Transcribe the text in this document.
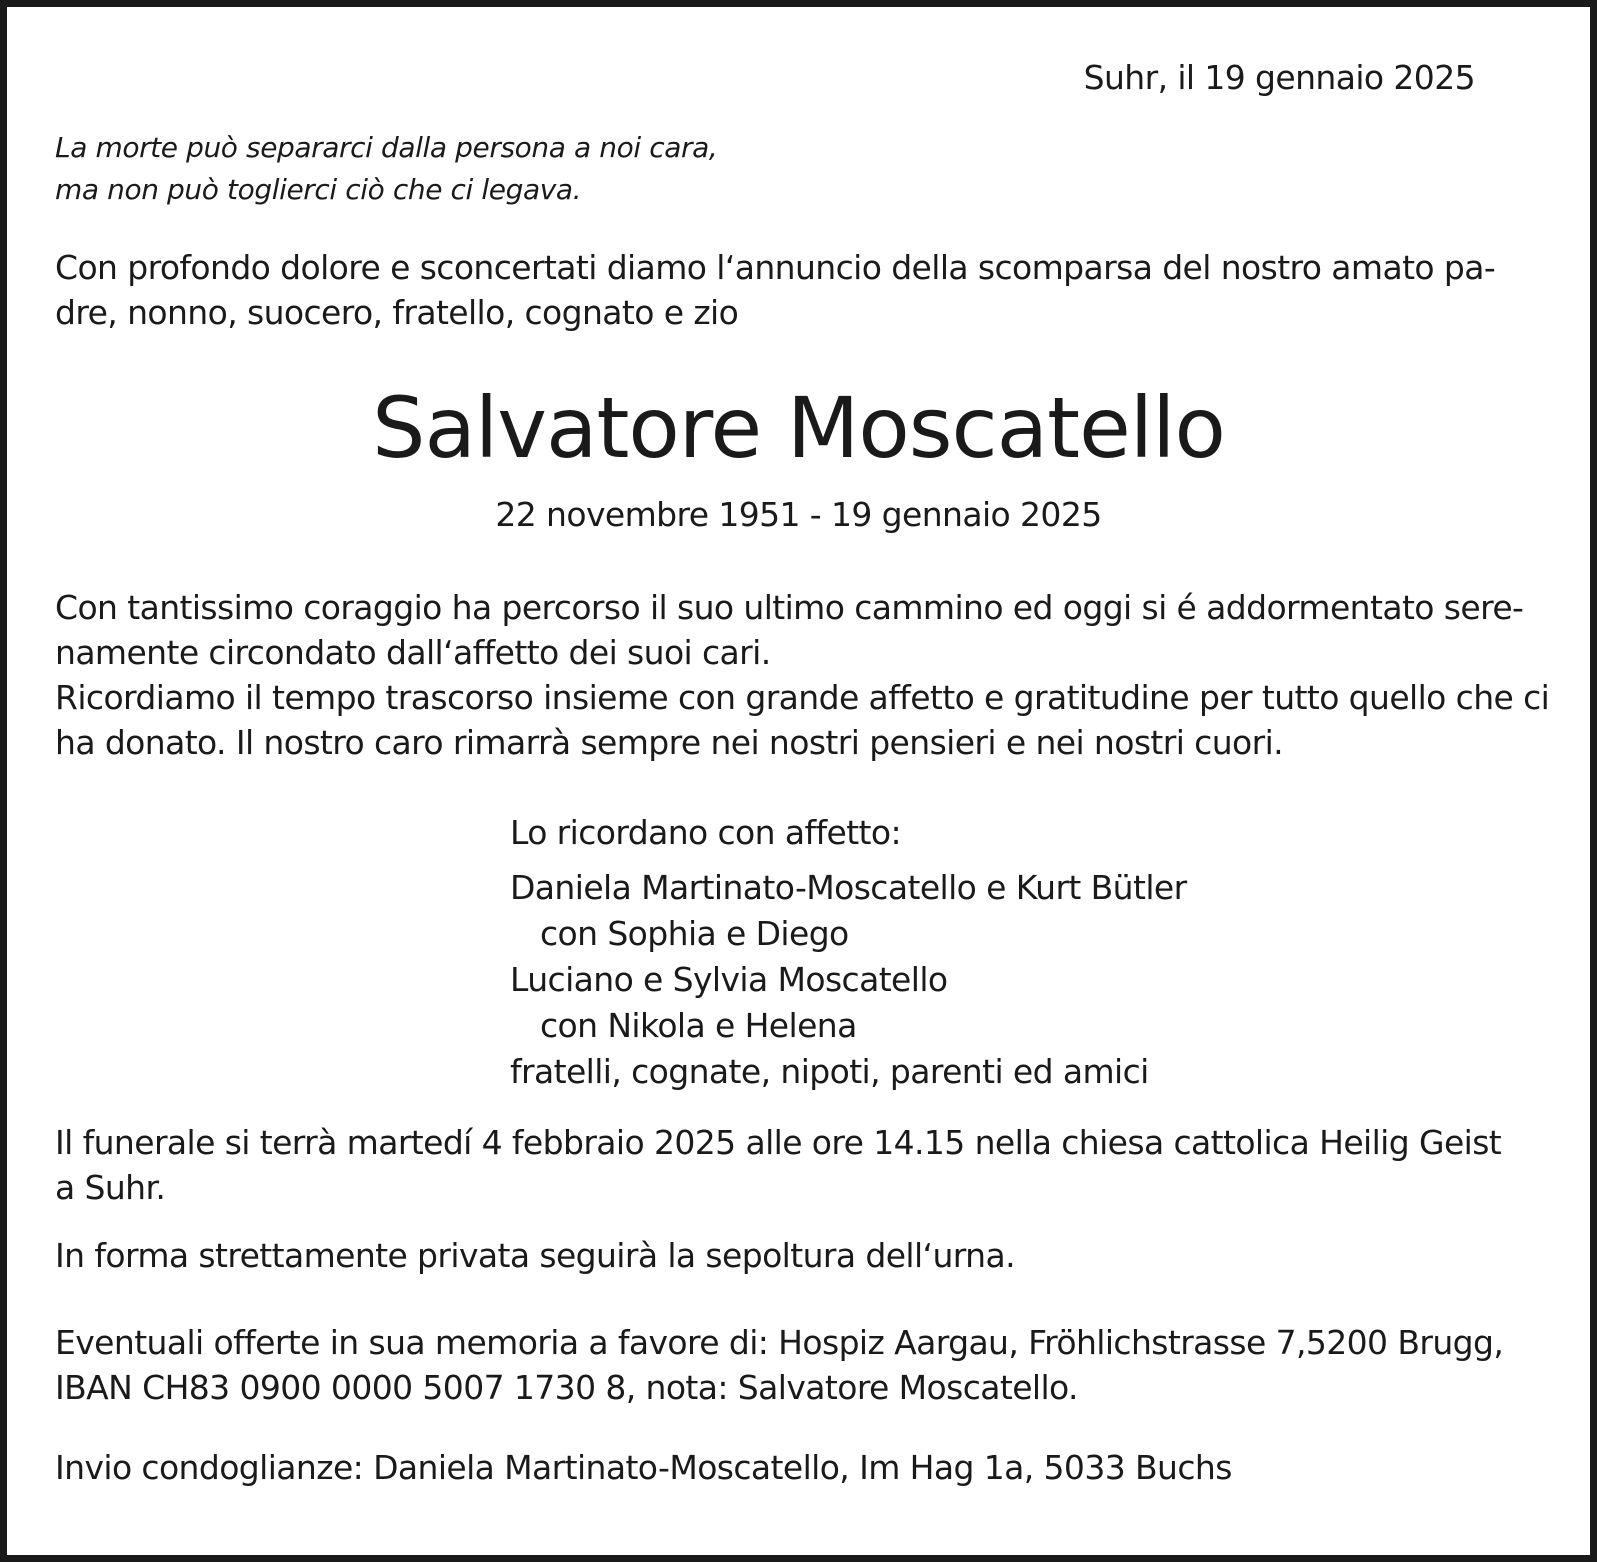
Suhr, il 19 gennaio 2025

La morte può separarci dalla persona a noi cara,
ma non può toglierci ciò che ci legava.

Con profondo dolore e sconcertati diamo l‘annuncio della scomparsa del nostro amato pa-
dre, nonno, suocero, fratello, cognato e zio

Salvatore Moscatello

22 novembre 1951 - 19 gennaio 2025

Con tantissimo coraggio ha percorso il suo ultimo cammino ed oggi si é addormentato sere-
namente circondato dall‘affetto dei suoi cari.
Ricordiamo il tempo trascorso insieme con grande affetto e gratitudine per tutto quello che ci
ha donato. Il nostro caro rimarrà sempre nei nostri pensieri e nei nostri cuori.

Lo ricordano con affetto:

Daniela Martinato-Moscatello e Kurt Bütler
con Sophia e Diego
Luciano e Sylvia Moscatello
con Nikola e Helena
fratelli, cognate, nipoti, parenti ed amici

Il funerale si terrà martedí 4 febbraio 2025 alle ore 14.15 nella chiesa cattolica Heilig Geist
a Suhr.

In forma strettamente privata seguirà la sepoltura dell‘urna.

Eventuali offerte in sua memoria a favore di: Hospiz Aargau, Fröhlichstrasse 7,5200 Brugg,
IBAN CH83 0900 0000 5007 1730 8, nota: Salvatore Moscatello.

Invio condoglianze: Daniela Martinato-Moscatello, Im Hag 1a, 5033 Buchs
